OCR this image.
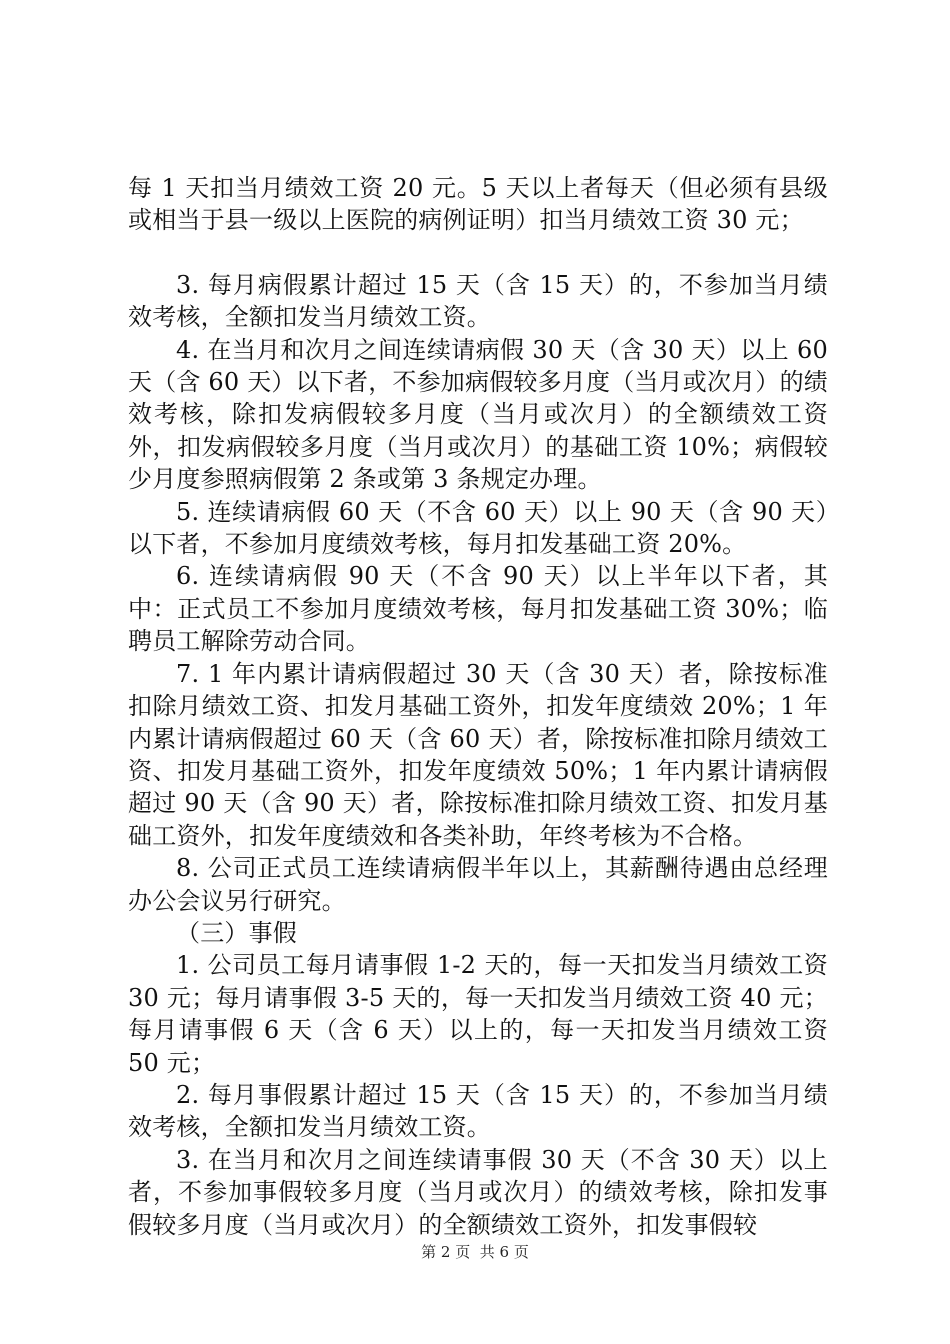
每 1 天扣当月绩效工资 20 元。5 天以上者每天（但必须有县级或相当于县一级以上医院的病例证明）扣当月绩效工资 30 元；

3. 每月病假累计超过 15 天（含 15 天）的，不参加当月绩效考核，全额扣发当月绩效工资。

4. 在当月和次月之间连续请病假 30 天（含 30 天）以上 60 天（含 60 天）以下者，不参加病假较多月度（当月或次月）的绩效考核，除扣发病假较多月度（当月或次月）的全额绩效工资外，扣发病假较多月度（当月或次月）的基础工资 10%；病假较少月度参照病假第 2 条或第 3 条规定办理。

5. 连续请病假 60 天（不含 60 天）以上 90 天（含 90 天）以下者，不参加月度绩效考核，每月扣发基础工资 20%。

6. 连续请病假 90 天（不含 90 天）以上半年以下者，其中：正式员工不参加月度绩效考核，每月扣发基础工资 30%；临聘员工解除劳动合同。

7. 1 年内累计请病假超过 30 天（含 30 天）者，除按标准扣除月绩效工资、扣发月基础工资外，扣发年度绩效 20%；1 年内累计请病假超过 60 天（含 60 天）者，除按标准扣除月绩效工资、扣发月基础工资外，扣发年度绩效 50%；1 年内累计请病假超过 90 天（含 90 天）者，除按标准扣除月绩效工资、扣发月基础工资外，扣发年度绩效和各类补助，年终考核为不合格。

8. 公司正式员工连续请病假半年以上，其薪酬待遇由总经理办公会议另行研究。

（三）事假

1. 公司员工每月请事假 1-2 天的，每一天扣发当月绩效工资 30 元；每月请事假 3-5 天的，每一天扣发当月绩效工资 40 元；每月请事假 6 天（含 6 天）以上的，每一天扣发当月绩效工资 50 元；

2. 每月事假累计超过 15 天（含 15 天）的，不参加当月绩效考核，全额扣发当月绩效工资。

3. 在当月和次月之间连续请事假 30 天（不含 30 天）以上者，不参加事假较多月度（当月或次月）的绩效考核，除扣发事假较多月度（当月或次月）的全额绩效工资外，扣发事假较

第 2 页  共 6 页
